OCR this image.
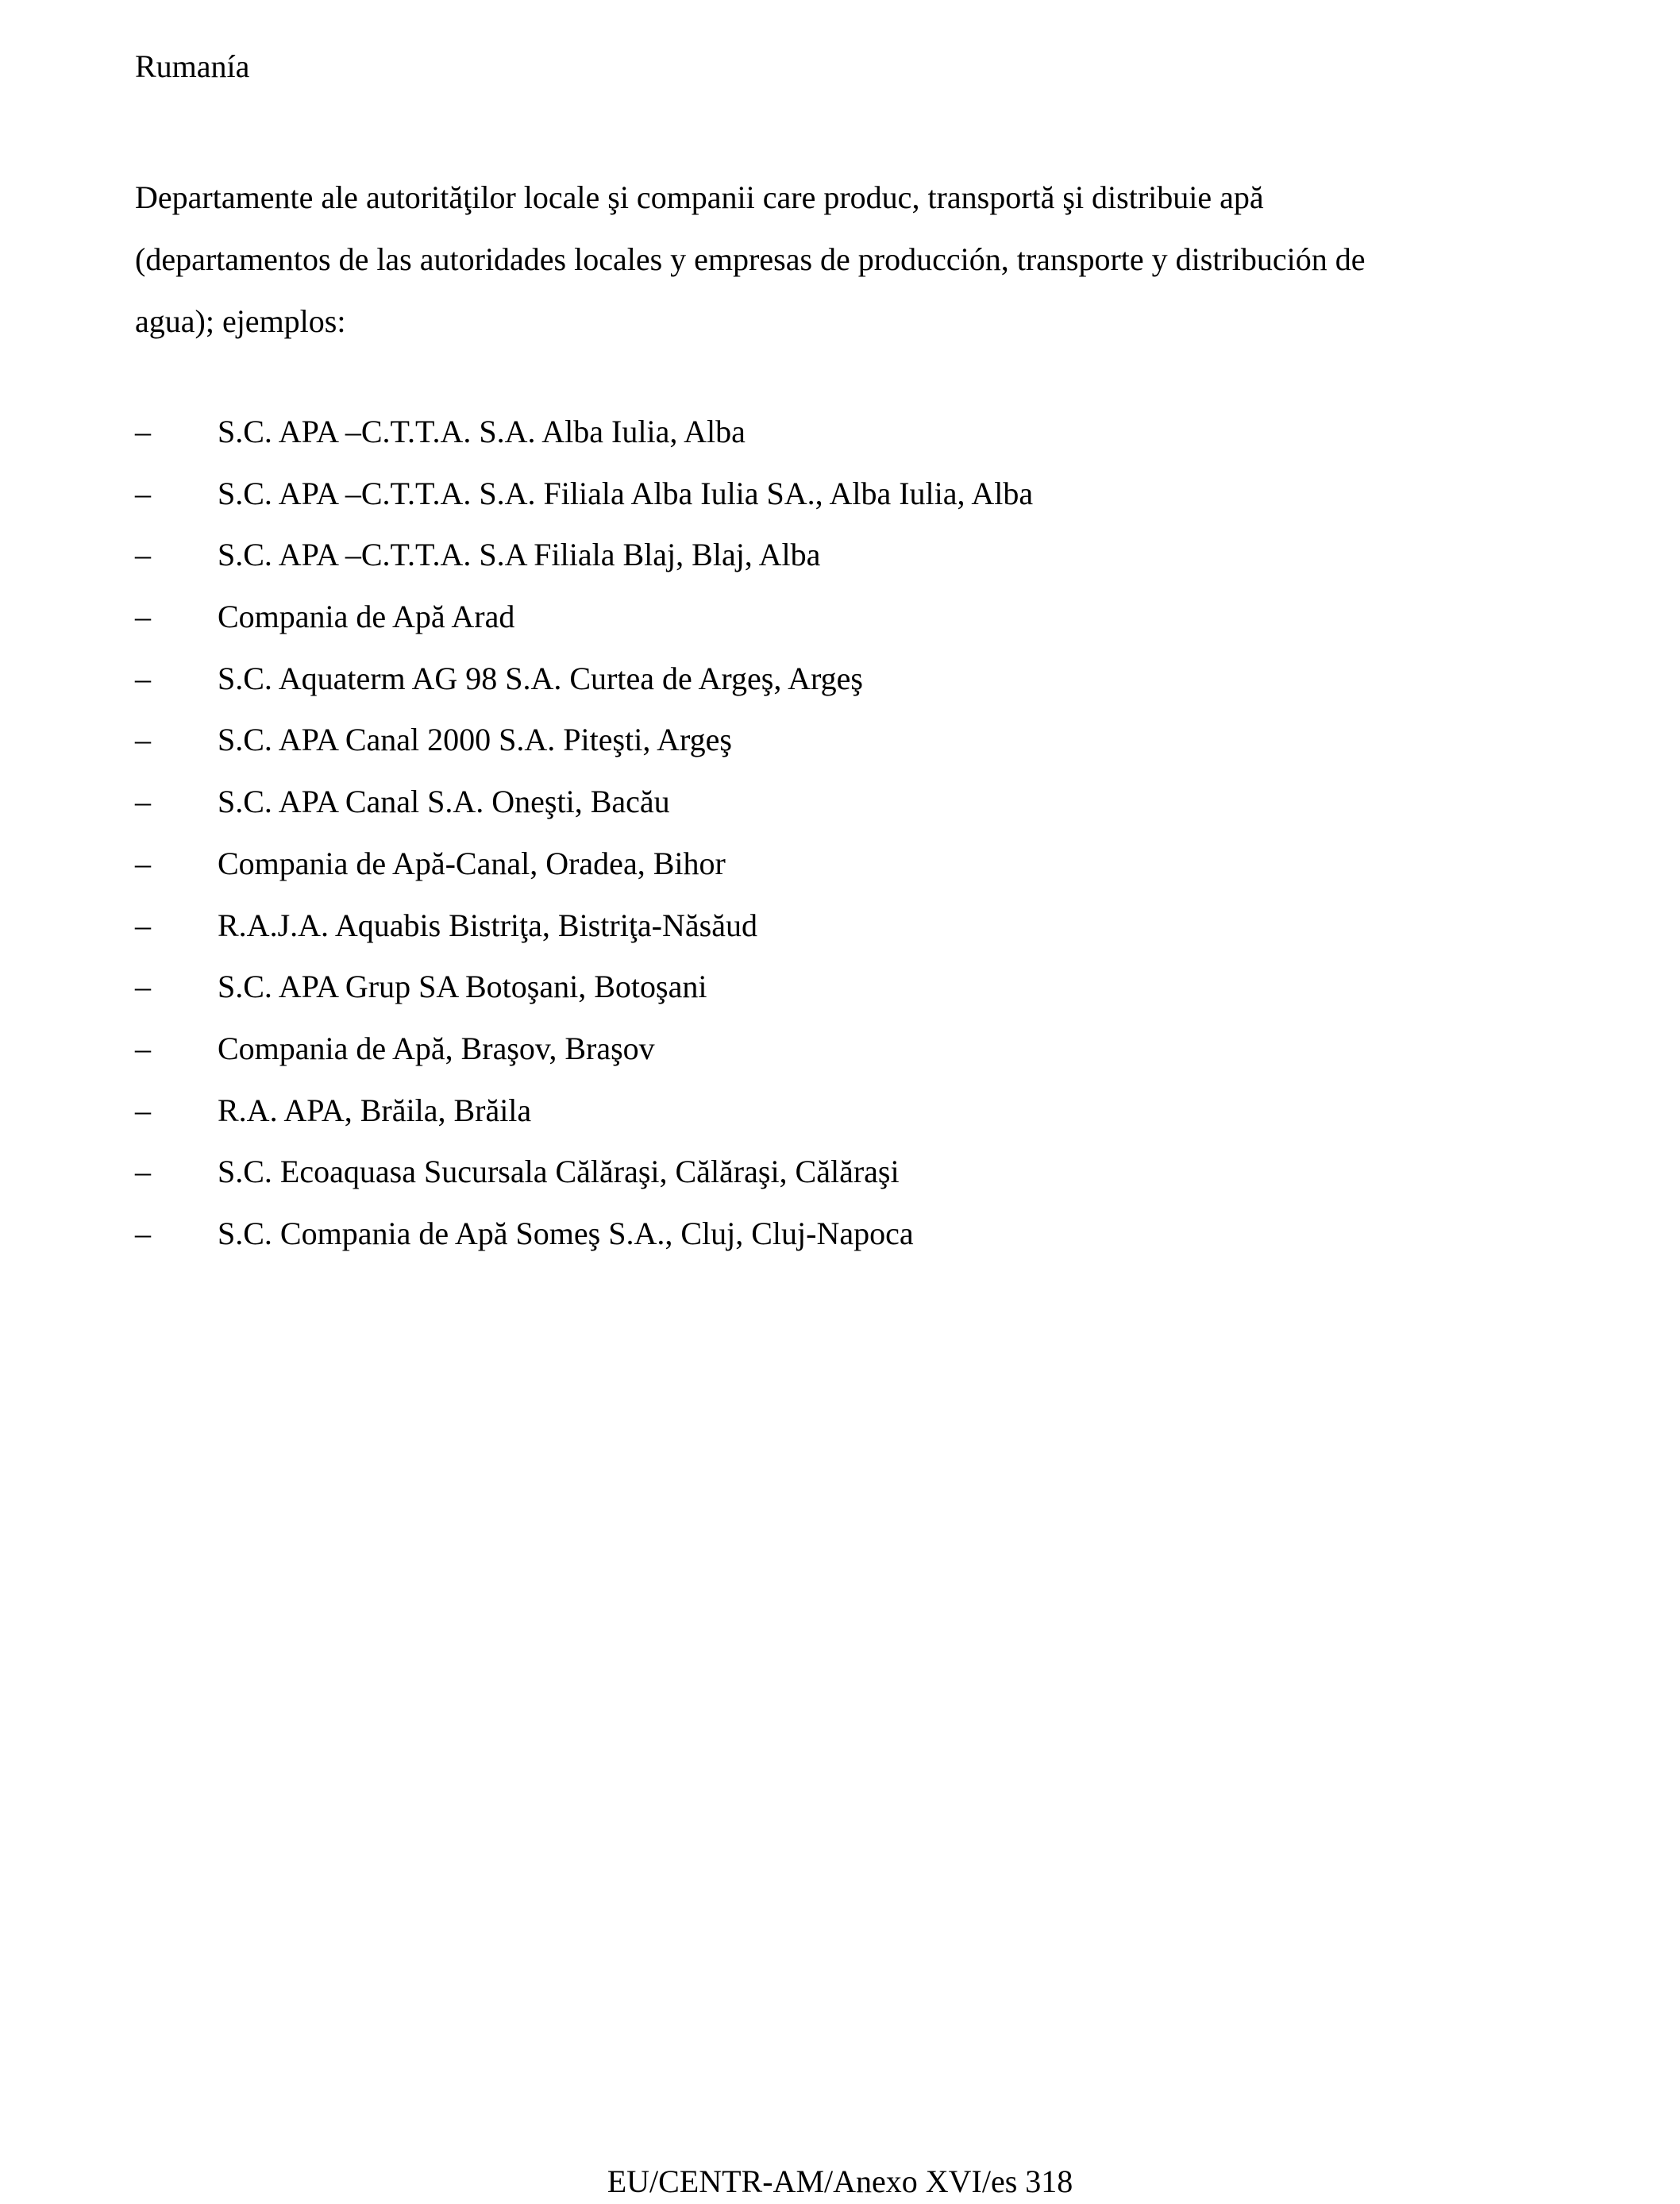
Rumanía
Departamente ale autorităţilor locale şi companii care produc, transportă şi distribuie apă
(departamentos de las autoridades locales y empresas de producción, transporte y distribución de
agua); ejemplos:
–	S.C. APA –C.T.T.A. S.A. Alba Iulia, Alba
–	S.C. APA –C.T.T.A. S.A. Filiala Alba Iulia SA., Alba Iulia, Alba
–	S.C. APA –C.T.T.A. S.A Filiala Blaj, Blaj, Alba
–	Compania de Apă Arad
–	S.C. Aquaterm AG 98 S.A. Curtea de Argeş, Argeş
–	S.C. APA Canal 2000 S.A. Piteşti, Argeş
–	S.C. APA Canal S.A. Oneşti, Bacău
–	Compania de Apă-Canal, Oradea, Bihor
–	R.A.J.A. Aquabis Bistriţa, Bistriţa-Năsăud
–	S.C. APA Grup SA Botoşani, Botoşani
–	Compania de Apă, Braşov, Braşov
–	R.A. APA, Brăila, Brăila
–	S.C. Ecoaquasa Sucursala Călăraşi, Călăraşi, Călăraşi
–	S.C. Compania de Apă Someş S.A., Cluj, Cluj-Napoca
EU/CENTR-AM/Anexo XVI/es 318
